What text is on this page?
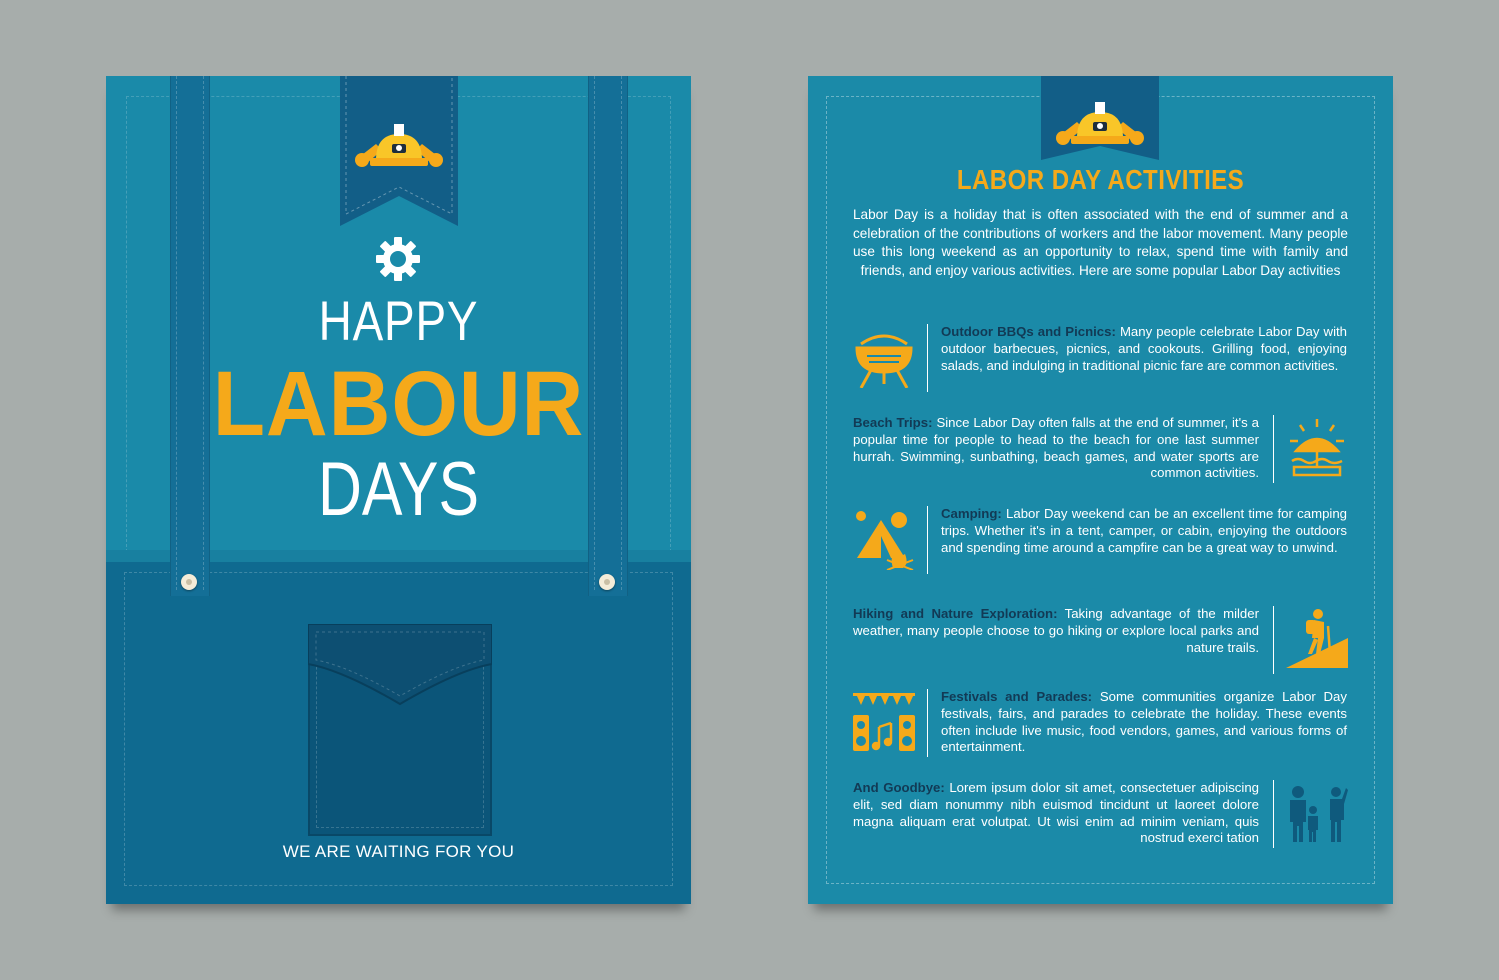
HAPPY
LABOUR
DAYS
WE ARE WAITING FOR YOU
LABOR DAY ACTIVITIES
Labor Day is a holiday that is often associated with the end of summer and a celebration of the contributions of workers and the labor movement. Many people use this long weekend as an opportunity to relax, spend time with family and friends, and enjoy various activities. Here are some popular Labor Day activities
Outdoor BBQs and Picnics: Many people celebrate Labor Day with outdoor barbecues, picnics, and cookouts. Grilling food, enjoying salads, and indulging in traditional picnic fare are common activities.
Beach Trips: Since Labor Day often falls at the end of summer, it's a popular time for people to head to the beach for one last summer hurrah. Swimming, sunbathing, beach games, and water sports are common activities.
Camping: Labor Day weekend can be an excellent time for camping trips. Whether it's in a tent, camper, or cabin, enjoying the outdoors and spending time around a campfire can be a great way to unwind.
Hiking and Nature Exploration: Taking advantage of the milder weather, many people choose to go hiking or explore local parks and nature trails.
Festivals and Parades: Some communities organize Labor Day festivals, fairs, and parades to celebrate the holiday. These events often include live music, food vendors, games, and various forms of entertainment.
And Goodbye: Lorem ipsum dolor sit amet, consectetuer adipiscing elit, sed diam nonummy nibh euismod tincidunt ut laoreet dolore magna aliquam erat volutpat. Ut wisi enim ad minim veniam, quis nostrud exerci tation
